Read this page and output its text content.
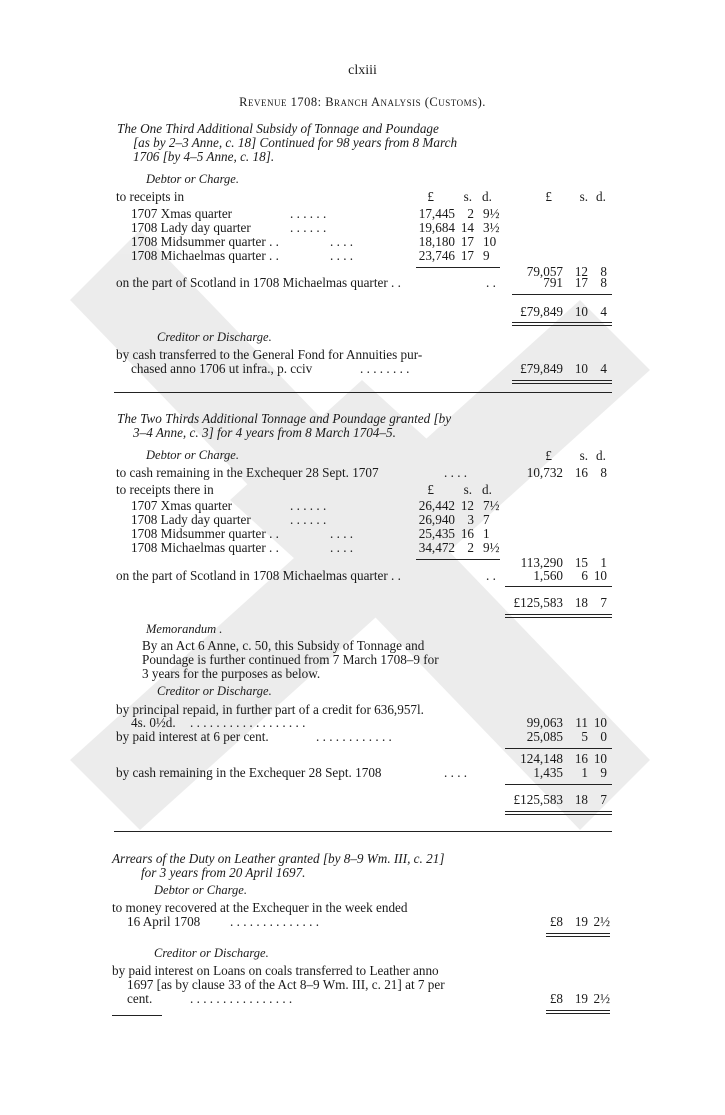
clxiii
Revenue 1708: Branch Analysis (Customs).
The One Third Additional Subsidy of Tonnage and Poundage
[as by 2–3 Anne, c. 18] Continued for 98 years from 8 March
1706 [by 4–5 Anne, c. 18].
Debtor or Charge.
to receipts in	£	s. d.	£	s. d.
1707 Xmas quarter	. . . . . .	17,445 2 9½
1708 Lady day quarter	. . . . . .	19,684 14 3½
1708 Midsummer quarter . .	. . . .	18,180 17 10
1708 Michaelmas quarter . .	. . . .	23,746 17 9
79,057 12 8
on the part of Scotland in 1708 Michaelmas quarter . .	. .	791 17 8
£79,849 10 4
Creditor or Discharge.
by cash transferred to the General Fond for Annuities pur-
chased anno 1706 ut infra., p. cciv	. . . . . . . .	£79,849 10 4
The Two Thirds Additional Tonnage and Poundage granted [by
3–4 Anne, c. 3] for 4 years from 8 March 1704–5.
Debtor or Charge.	£	s. d.
to cash remaining in the Exchequer 28 Sept. 1707	. . . .	10,732 16 8
to receipts there in	£	s. d.
1707 Xmas quarter	. . . . . .	26,442 12 7½
1708 Lady day quarter	. . . . . .	26,940 3 7
1708 Midsummer quarter . .	. . . .	25,435 16 1
1708 Michaelmas quarter . .	. . . .	34,472 2 9½
113,290 15 1
on the part of Scotland in 1708 Michaelmas quarter . .	. .	1,560	6 10
£125,583 18 7
Memorandum .
By an Act 6 Anne, c. 50, this Subsidy of Tonnage and
Poundage is further continued from 7 March 1708–9 for
3 years for the purposes as below.
Creditor or Discharge.
by principal repaid, in further part of a credit for 636,957l.
4s. 0½d. . . . . . . . . . . . . . . . . . .	99,063 11 10
by paid interest at 6 per cent.	. . . . . . . . . . . .	25,085	5 0
124,148 16 10
by cash remaining in the Exchequer 28 Sept. 1708	. . . .	1,435	1 9
£125,583 18 7
Arrears of the Duty on Leather granted [by 8–9 Wm. III, c. 21]
for 3 years from 20 April 1697.
Debtor or Charge.
to money recovered at the Exchequer in the week ended
16 April 1708 . . . . . . . . . . . . . .	£8 19 2½
Creditor or Discharge.
by paid interest on Loans on coals transferred to Leather anno
1697 [as by clause 33 of the Act 8–9 Wm. III, c. 21] at 7 per
cent.	. . . . . . . . . . . . . . . .	£8 19 2½
